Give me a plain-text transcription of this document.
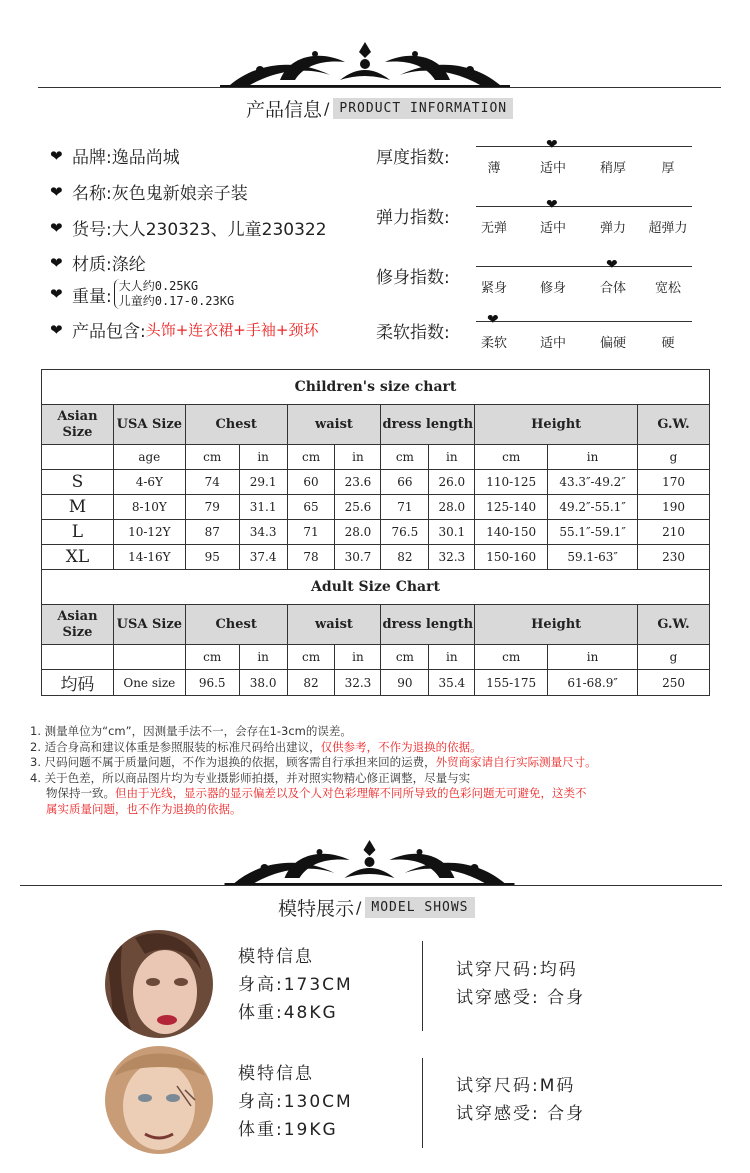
产品信息 / PRODUCT INFORMATION
❤ 品牌: 逸品尚城
❤ 名称: 灰色鬼新娘亲子装
❤ 货号: 大人230323、儿童230322
❤ 材质: 涤纶
❤ 重量:
大人约0.25KG
儿童约0.17-0.23KG
❤ 产品包含: 头饰+连衣裙+手袖+颈环
厚度指数:
薄	适中	稍厚	厚
❤
弹力指数:
无弹	适中	弹力	超弹力
❤
修身指数:
紧身	修身	合体	宽松
❤
柔软指数:
柔软	适中	偏硬	硬
❤
Children's size chart										
Asian Size	USA Size	Chest		waist		dress length		Height		G.W.
	age	cm	in	cm	in	cm	in	cm	in	g
S	4-6Y	74	29.1	60	23.6	66	26.0	110-125	43.3″-49.2″	170
M	8-10Y	79	31.1	65	25.6	71	28.0	125-140	49.2″-55.1″	190
L	10-12Y	87	34.3	71	28.0	76.5	30.1	140-150	55.1″-59.1″	210
XL	14-16Y	95	37.4	78	30.7	82	32.3	150-160	59.1-63″	230
Adult Size Chart										
Asian Size	USA Size	Chest		waist		dress length		Height		G.W.
		cm	in	cm	in	cm	in	cm	in	g
均码	One size	96.5	38.0	82	32.3	90	35.4	155-175	61-68.9″	250
1. 测量单位为“cm”，因测量手法不一，会存在1-3cm的误差。
2. 适合身高和建议体重是参照服装的标准尺码给出建议，仅供参考，不作为退换的依据。
3. 尺码问题不属于质量问题，不作为退换的依据，顾客需自行承担来回的运费，外贸商家请自行实际测量尺寸。
4. 关于色差，所以商品图片均为专业摄影师拍摄，并对照实物精心修正调整，尽量与实
物保持一致。但由于光线，显示器的显示偏差以及个人对色彩理解不同所导致的色彩问题无可避免，这类不
属实质量问题，也不作为退换的依据。
模特展示 / MODEL SHOWS
模特信息
身高:173CM
体重:48KG
试穿尺码:均码
试穿感受: 合身
模特信息
身高:130CM
体重:19KG
试穿尺码:M码
试穿感受: 合身
